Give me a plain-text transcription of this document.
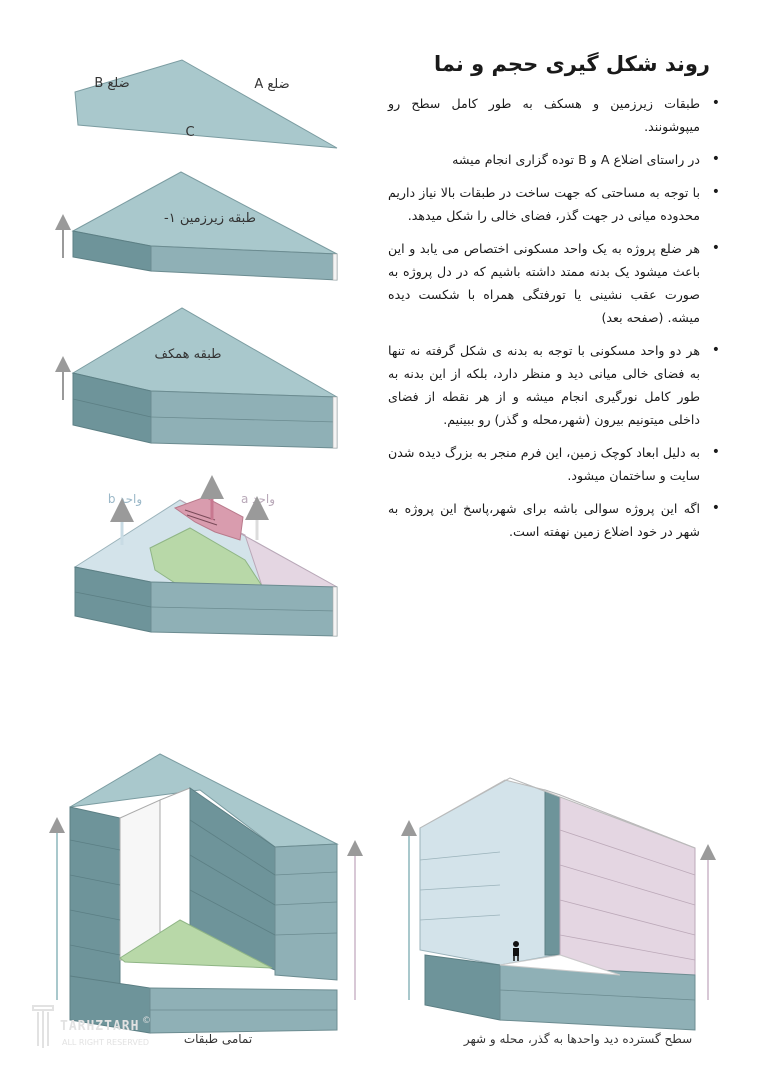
ضلع B	ضلع A
C
طبقه زیرزمین ۱-
طبقه همکف
واحد b	واحد a
©
روند شکل گیری حجم و نما
• طبقات زیرزمین و هسکف به طور کامل سطح رو میپوشونند.
• در راستای اضلاع A و B توده گزاری انجام میشه
• با توجه به مساحتی که جهت ساخت در طبقات بالا نیاز داریم محدوده میانی در جهت گذر، فضای خالی را شکل میدهد.
• هر ضلع پروژه به یک واحد مسکونی اختصاص می یابد و این باعث میشود یک بدنه ممتد داشته باشیم که در دل پروژه به صورت عقب نشینی یا تورفتگی همراه با شکست دیده میشه. (صفحه بعد)
• هر دو واحد مسکونی با توجه به بدنه ی شکل گرفته نه تنها به فضای خالی میانی دید و منظر دارد، بلکه از این بدنه به طور کامل نورگیری انجام میشه و از هر نقطه از فضای داخلی میتونیم بیرون (شهر،محله و گذر) رو ببینیم.
• به دلیل ابعاد کوچک زمین، این فرم منجر به بزرگ دیده شدن سایت و ساختمان میشود.
• اگه این پروژه سوالی باشه برای شهر،پاسخ این پروژه به شهر در خود اضلاع زمین نهفته است.
تمامی طبقات	سطح گسترده دید واحدها به گذر، محله و شهر
TARHZTARH
ALL RIGHT RESERVED
